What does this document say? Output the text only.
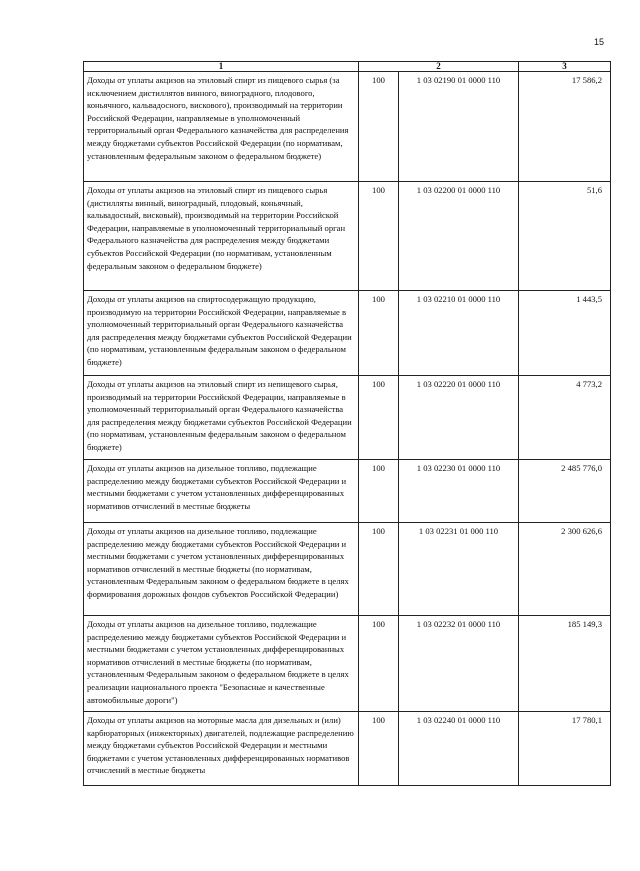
15
1	2		3
Доходы от уплаты акцизов на этиловый спирт из пищевого сырья (за исключением дистиллятов винного, виноградного, плодового, коньячного, кальвадосного, вискового), производимый на территории Российской Федерации, направляемые в уполномоченный территориальный орган Федерального казначейства для распределения между бюджетами субъектов Российской Федерации (по нормативам, установленным федеральным законом о федеральном бюджете)	100	1 03 02190 01 0000 110	17 586,2
Доходы от уплаты акцизов на этиловый спирт из пищевого сырья (дистилляты винный, виноградный, плодовый, коньячный, кальвадосный, висковый), производимый на территории Российской Федерации, направляемые в уполномоченный территориальный орган Федерального казначейства для распределения между бюджетами субъектов Российской Федерации (по нормативам, установленным федеральным законом о федеральном бюджете)	100	1 03 02200 01 0000 110	51,6
Доходы от уплаты акцизов на спиртосодержащую продукцию, производимую на территории Российской Федерации, направляемые в уполномоченный территориальный орган Федерального казначейства для распределения между бюджетами субъектов Российской Федерации (по нормативам, установленным федеральным законом о федеральном бюджете)	100	1 03 02210 01 0000 110	1 443,5
Доходы от уплаты акцизов на этиловый спирт из непищевого сырья, производимый на территории Российской Федерации, направляемые в уполномоченный территориальный орган Федерального казначейства для распределения между бюджетами субъектов Российской Федерации (по нормативам, установленным федеральным законом о федеральном бюджете)	100	1 03 02220 01 0000 110	4 773,2
Доходы от уплаты акцизов на дизельное топливо, подлежащие распределению между бюджетами субъектов Российской Федерации и местными бюджетами с учетом установленных дифференцированных нормативов отчислений в местные бюджеты	100	1 03 02230 01 0000 110	2 485 776,0
Доходы от уплаты акцизов на дизельное топливо, подлежащие распределению между бюджетами субъектов Российской Федерации и местными бюджетами с учетом установленных дифференцированных нормативов отчислений в местные бюджеты (по нормативам, установленным Федеральным законом о федеральном бюджете в целях формирования дорожных фондов субъектов Российской Федерации)	100	1 03 02231 01 000 110	2 300 626,6
Доходы от уплаты акцизов на дизельное топливо, подлежащие распределению между бюджетами субъектов Российской Федерации и местными бюджетами с учетом установленных дифференцированных нормативов отчислений в местные бюджеты (по нормативам, установленным Федеральным законом о федеральном бюджете в целях реализации национального проекта "Безопасные и качественные автомобильные дороги")	100	1 03 02232 01 0000 110	185 149,3
Доходы от уплаты акцизов на моторные масла для дизельных и (или) карбюраторных (инжекторных) двигателей, подлежащие распределению между бюджетами субъектов Российской Федерации и местными бюджетами с учетом установленных дифференцированных нормативов отчислений в местные бюджеты	100	1 03 02240 01 0000 110	17 780,1
